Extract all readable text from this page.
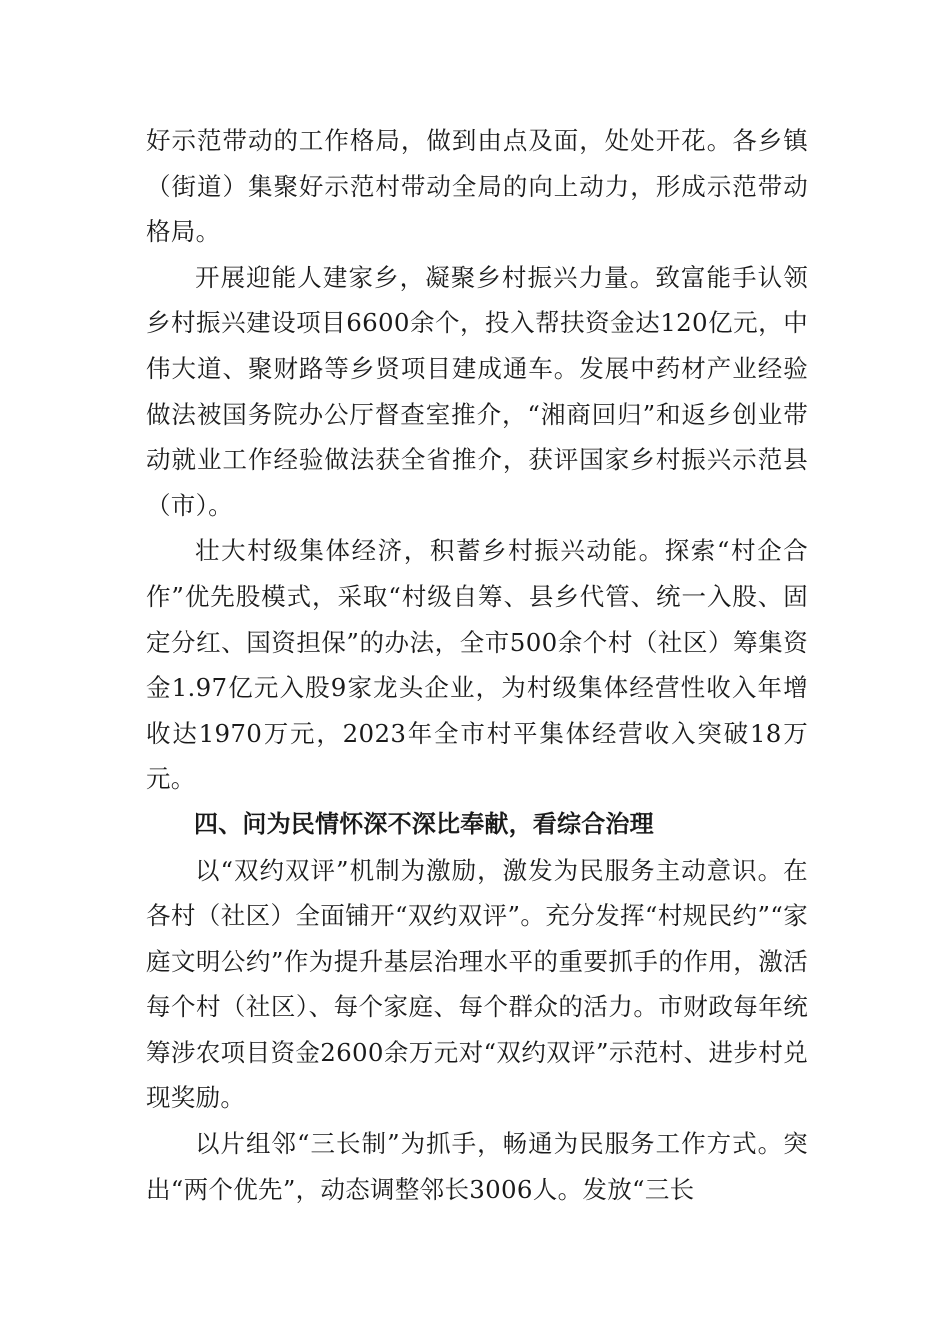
好示范带动的工作格局，做到由点及面，处处开花。各乡镇（街道）集聚好示范村带动全局的向上动力，形成示范带动格局。

开展迎能人建家乡，凝聚乡村振兴力量。致富能手认领乡村振兴建设项目6600余个，投入帮扶资金达120亿元，中伟大道、聚财路等乡贤项目建成通车。发展中药材产业经验做法被国务院办公厅督查室推介，“湘商回归”和返乡创业带动就业工作经验做法获全省推介，获评国家乡村振兴示范县（市）。

壮大村级集体经济，积蓄乡村振兴动能。探索“村企合作”优先股模式，采取“村级自筹、县乡代管、统一入股、固定分红、国资担保”的办法，全市500余个村（社区）筹集资金1.97亿元入股9家龙头企业，为村级集体经营性收入年增收达1970万元，2023年全市村平集体经营收入突破18万元。

四、问为民情怀深不深比奉献，看综合治理

以“双约双评”机制为激励，激发为民服务主动意识。在各村（社区）全面铺开“双约双评”。充分发挥“村规民约”“家庭文明公约”作为提升基层治理水平的重要抓手的作用，激活每个村（社区）、每个家庭、每个群众的活力。市财政每年统筹涉农项目资金2600余万元对“双约双评”示范村、进步村兑现奖励。

以片组邻“三长制”为抓手，畅通为民服务工作方式。突出“两个优先”，动态调整邻长3006人。发放“三长
